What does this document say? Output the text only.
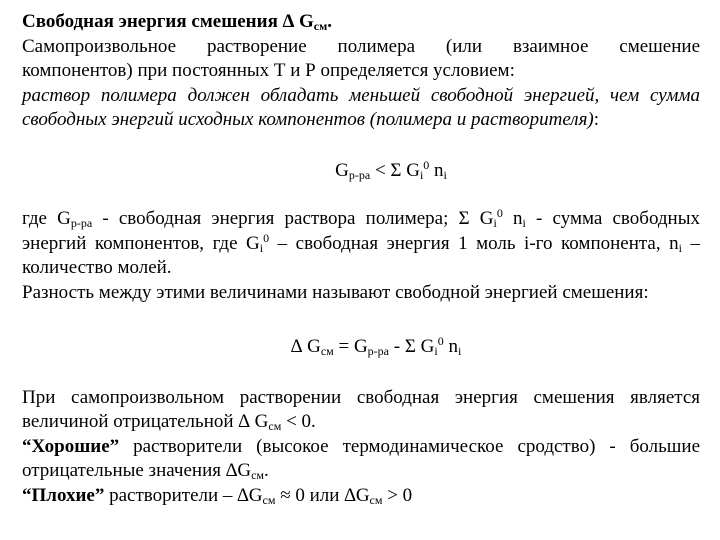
Свободная энергия смешения ∆ $G_{см}$.
Самопроизвольное растворение полимера (или взаимное смешение
компонентов) при постоянных Т и Р определяется условием:
раствор полимера должен обладать меньшей свободной энергией, чем сумма
свободных энергий исходных компонентов (полимера и растворителя):
$G_{р-ра} < \Sigma$ $G_i^0$ $n_i$
где $G_{р-ра}$ - свободная энергия раствора полимера; Σ $G_i^0$ $n_i$ - сумма свободных
энергий компонентов, где $G_i^0$ – свободная энергия 1 моль i-го компонента, $n_i$ –
количество молей.
Разность между этими величинами называют свободной энергией смешения:
∆ $G_{см} = G_{р-ра} - \Sigma$ $G_i^0$ $n_i$
При самопроизвольном растворении свободная энергия смешения является
величиной отрицательной ∆ $G_{см} < 0$.
“Хорошие” растворители (высокое термодинамическое сродство) - большие
отрицательные значения $\Delta G_{см}$.
“Плохие” растворители – $\Delta G_{см} \approx 0$ или $\Delta G_{см} > 0$
